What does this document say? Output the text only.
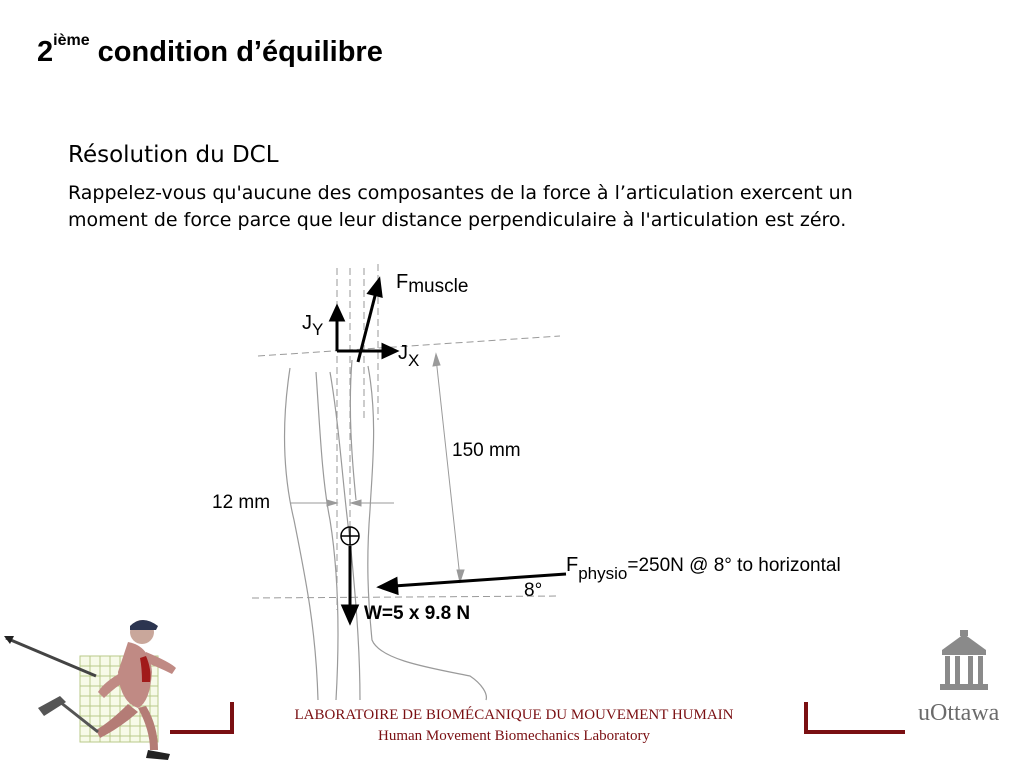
2ième condition d’équilibre
Résolution du DCL
Rappelez-vous qu'aucune des composantes de la force à l’articulation exercent un moment de force parce que leur distance perpendiculaire à l'articulation est zéro.
150 mm
12 mm
$J_Y$
$J_X$
Fmuscle
W=5 x 9.8 N
8°
$F_{physio}=250N$ @ 8° to horizontal
LABORATOIRE DE BIOMÉCANIQUE DU MOUVEMENT HUMAIN
Human Movement Biomechanics Laboratory
uOttawa
